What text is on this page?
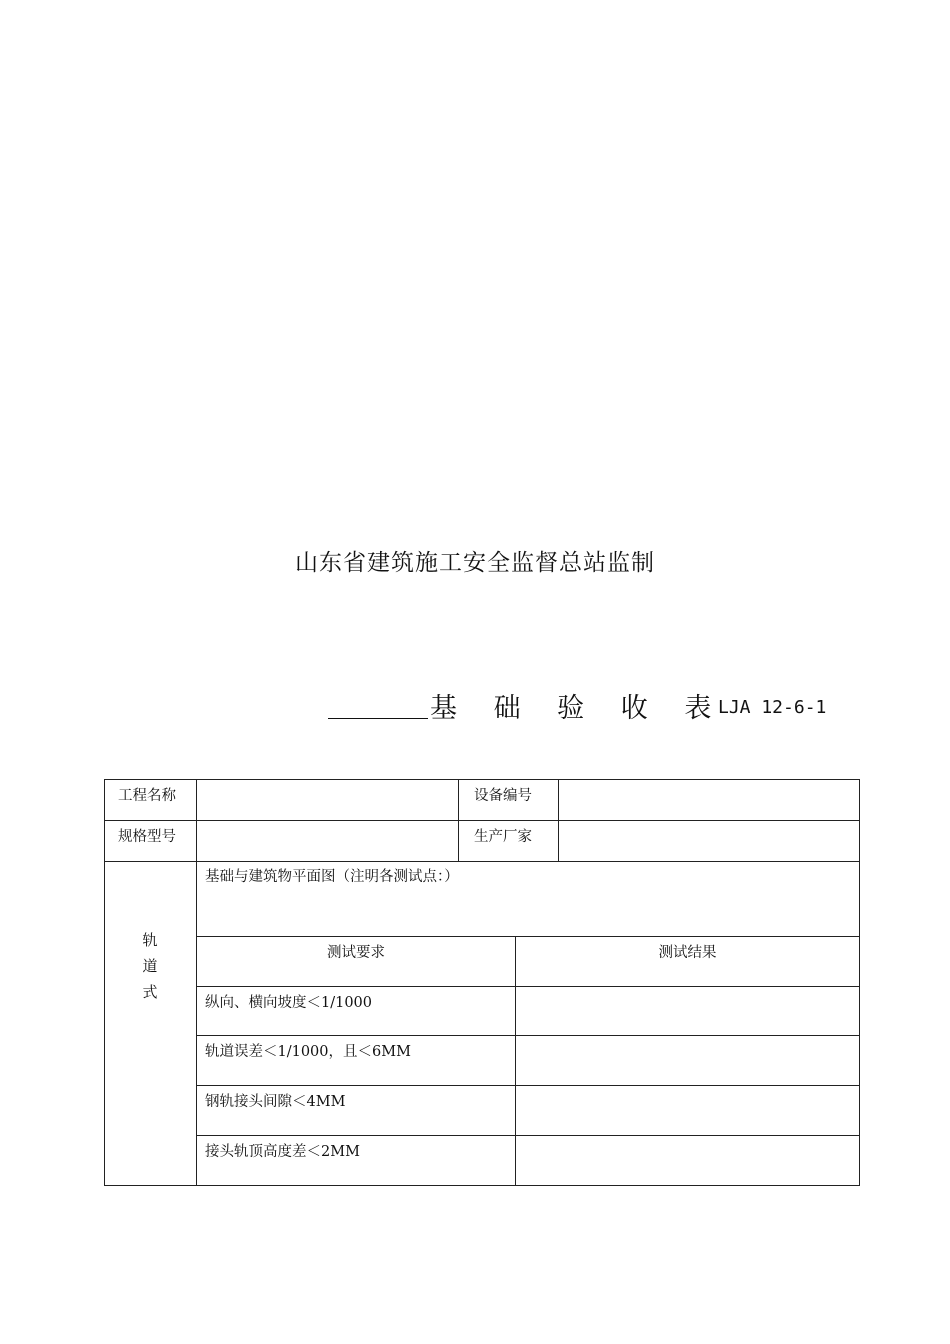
山东省建筑施工安全监督总站监制
基 础 验 收 表
LJA 12-6-1
工程名称	设备编号
规格型号	生产厂家
轨
道
式
基础与建筑物平面图（注明各测试点：）
测试要求	测试结果
纵向、横向坡度＜1/1000
轨道误差＜1/1000，且＜6MM
钢轨接头间隙＜4MM
接头轨顶高度差＜2MM
